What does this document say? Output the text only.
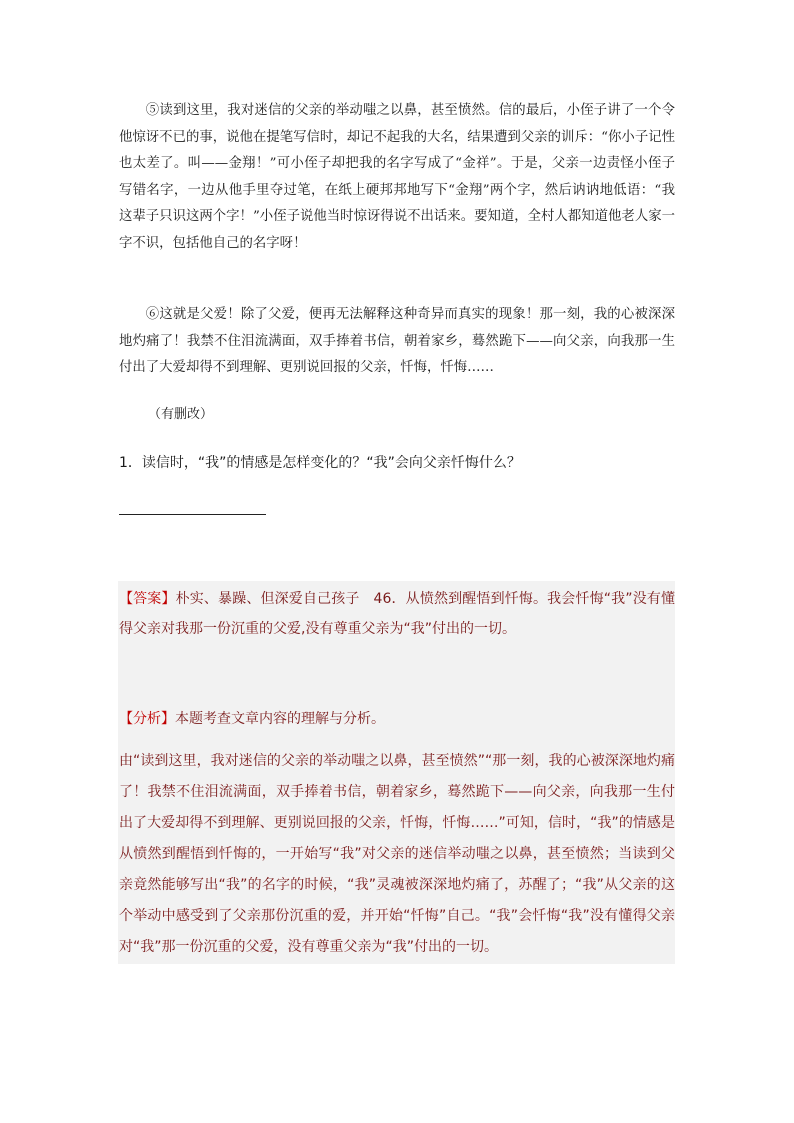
⑤读到这里，我对迷信的父亲的举动嗤之以鼻，甚至愤然。信的最后，小侄子讲了一个令他惊讶不已的事，说他在提笔写信时，却记不起我的大名，结果遭到父亲的训斥：“你小子记性也太差了。叫——金翔！”可小侄子却把我的名字写成了“金祥”。于是，父亲一边责怪小侄子写错名字，一边从他手里夺过笔，在纸上硬邦邦地写下“金翔”两个字，然后讷讷地低语：“我这辈子只识这两个字！”小侄子说他当时惊讶得说不出话来。要知道，全村人都知道他老人家一字不识，包括他自己的名字呀！

⑥这就是父爱！除了父爱，便再无法解释这种奇异而真实的现象！那一刻，我的心被深深地灼痛了！我禁不住泪流满面，双手捧着书信，朝着家乡，蓦然跪下——向父亲，向我那一生付出了大爱却得不到理解、更别说回报的父亲，忏悔，忏悔……

（有删改）

1．读信时，“我”的情感是怎样变化的？“我”会向父亲忏悔什么？

【答案】朴实、暴躁、但深爱自己孩子 46．从愤然到醒悟到忏悔。我会忏悔“我”没有懂得父亲对我那一份沉重的父爱,没有尊重父亲为“我”付出的一切。

【分析】本题考查文章内容的理解与分析。

由“读到这里，我对迷信的父亲的举动嗤之以鼻，甚至愤然”“那一刻，我的心被深深地灼痛了！我禁不住泪流满面，双手捧着书信，朝着家乡，蓦然跪下——向父亲，向我那一生付出了大爱却得不到理解、更别说回报的父亲，忏悔，忏悔……”可知，信时，“我”的情感是从愤然到醒悟到忏悔的，一开始写“我”对父亲的迷信举动嗤之以鼻，甚至愤然；当读到父亲竟然能够写出“我”的名字的时候，“我”灵魂被深深地灼痛了，苏醒了；“我”从父亲的这个举动中感受到了父亲那份沉重的爱，并开始“忏悔”自己。“我”会忏悔“我”没有懂得父亲对“我”那一份沉重的父爱，没有尊重父亲为“我”付出的一切。
